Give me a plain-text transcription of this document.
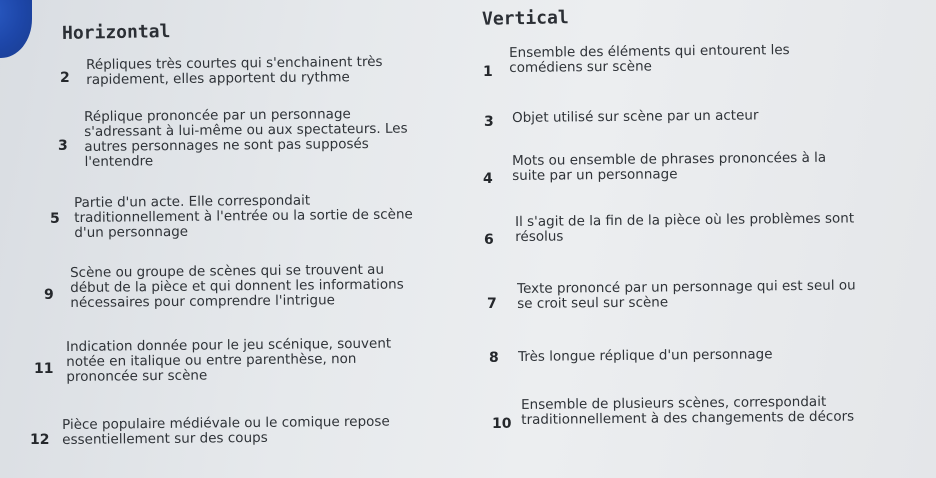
Horizontal
Vertical
2
Répliques très courtes qui s'enchainent très
rapidement, elles apportent du rythme
3
Réplique prononcée par un personnage
s'adressant à lui-même ou aux spectateurs. Les
autres personnages ne sont pas supposés
l'entendre
5
Partie d'un acte. Elle correspondait
traditionnellement à l'entrée ou la sortie de scène
d'un personnage
9
Scène ou groupe de scènes qui se trouvent au
début de la pièce et qui donnent les informations
nécessaires pour comprendre l'intrigue
11
Indication donnée pour le jeu scénique, souvent
notée en italique ou entre parenthèse, non
prononcée sur scène
12
Pièce populaire médiévale ou le comique repose
essentiellement sur des coups
1
Ensemble des éléments qui entourent les
comédiens sur scène
3 Objet utilisé sur scène par un acteur
4
Mots ou ensemble de phrases prononcées à la
suite par un personnage
6
Il s'agit de la fin de la pièce où les problèmes sont
résolus
7
Texte prononcé par un personnage qui est seul ou
se croit seul sur scène
8 Très longue réplique d'un personnage
10
Ensemble de plusieurs scènes, correspondait
traditionnellement à des changements de décors
